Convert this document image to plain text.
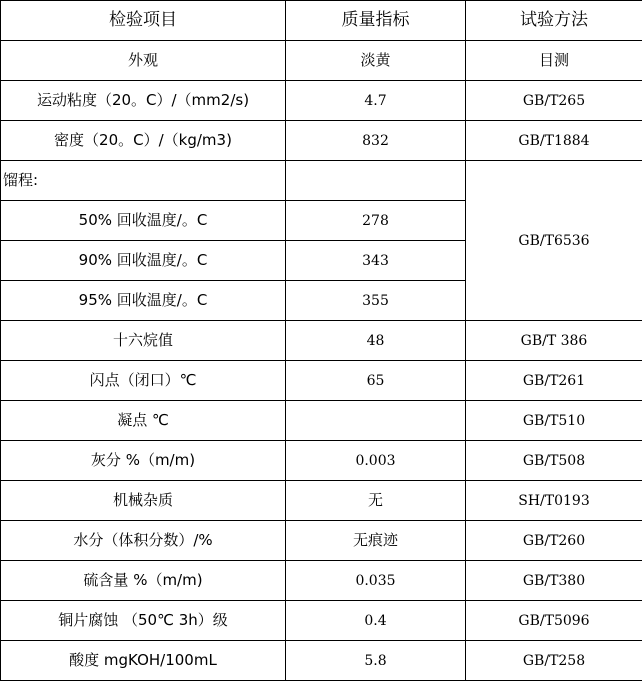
检验项目	质量指标	试验方法
外观	淡黄	目测
运动粘度（20。C）/（mm2/s)	4.7	GB/T265
密度（20。C）/（kg/m3)	832	GB/T1884
馏程:		GB/T6536
50% 回收温度/。C	278	
90% 回收温度/。C	343	
95% 回收温度/。C	355	
十六烷值	48	GB/T 386
闪点（闭口）℃	65	GB/T261
凝点 ℃		GB/T510
灰分 %（m/m)	0.003	GB/T508
机械杂质	无	SH/T0193
水分（体积分数）/%	无痕迹	GB/T260
硫含量 %（m/m)	0.035	GB/T380
铜片腐蚀 （50℃ 3h）级	0.4	GB/T5096
酸度 mgKOH/100mL	5.8	GB/T258
